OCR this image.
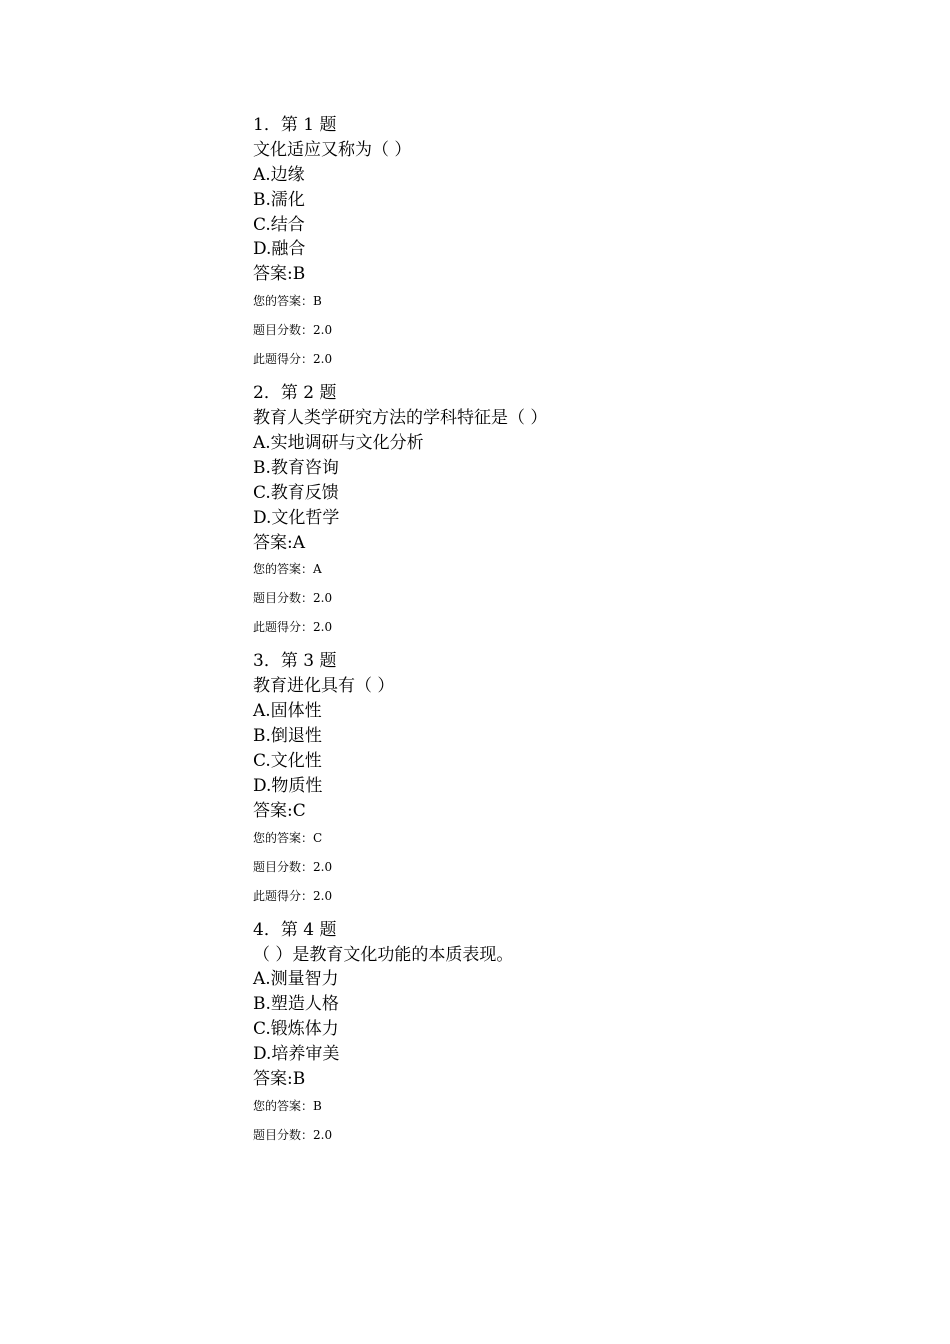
1．第 1 题
文化适应又称为（ ）
A.边缘
B.濡化
C.结合
D.融合
答案:B
您的答案：B
题目分数：2.0
此题得分：2.0
2．第 2 题
教育人类学研究方法的学科特征是（ ）
A.实地调研与文化分析
B.教育咨询
C.教育反馈
D.文化哲学
答案:A
您的答案：A
题目分数：2.0
此题得分：2.0
3．第 3 题
教育进化具有（ ）
A.固体性
B.倒退性
C.文化性
D.物质性
答案:C
您的答案：C
题目分数：2.0
此题得分：2.0
4．第 4 题
（ ）是教育文化功能的本质表现。
A.测量智力
B.塑造人格
C.锻炼体力
D.培养审美
答案:B
您的答案：B
题目分数：2.0
